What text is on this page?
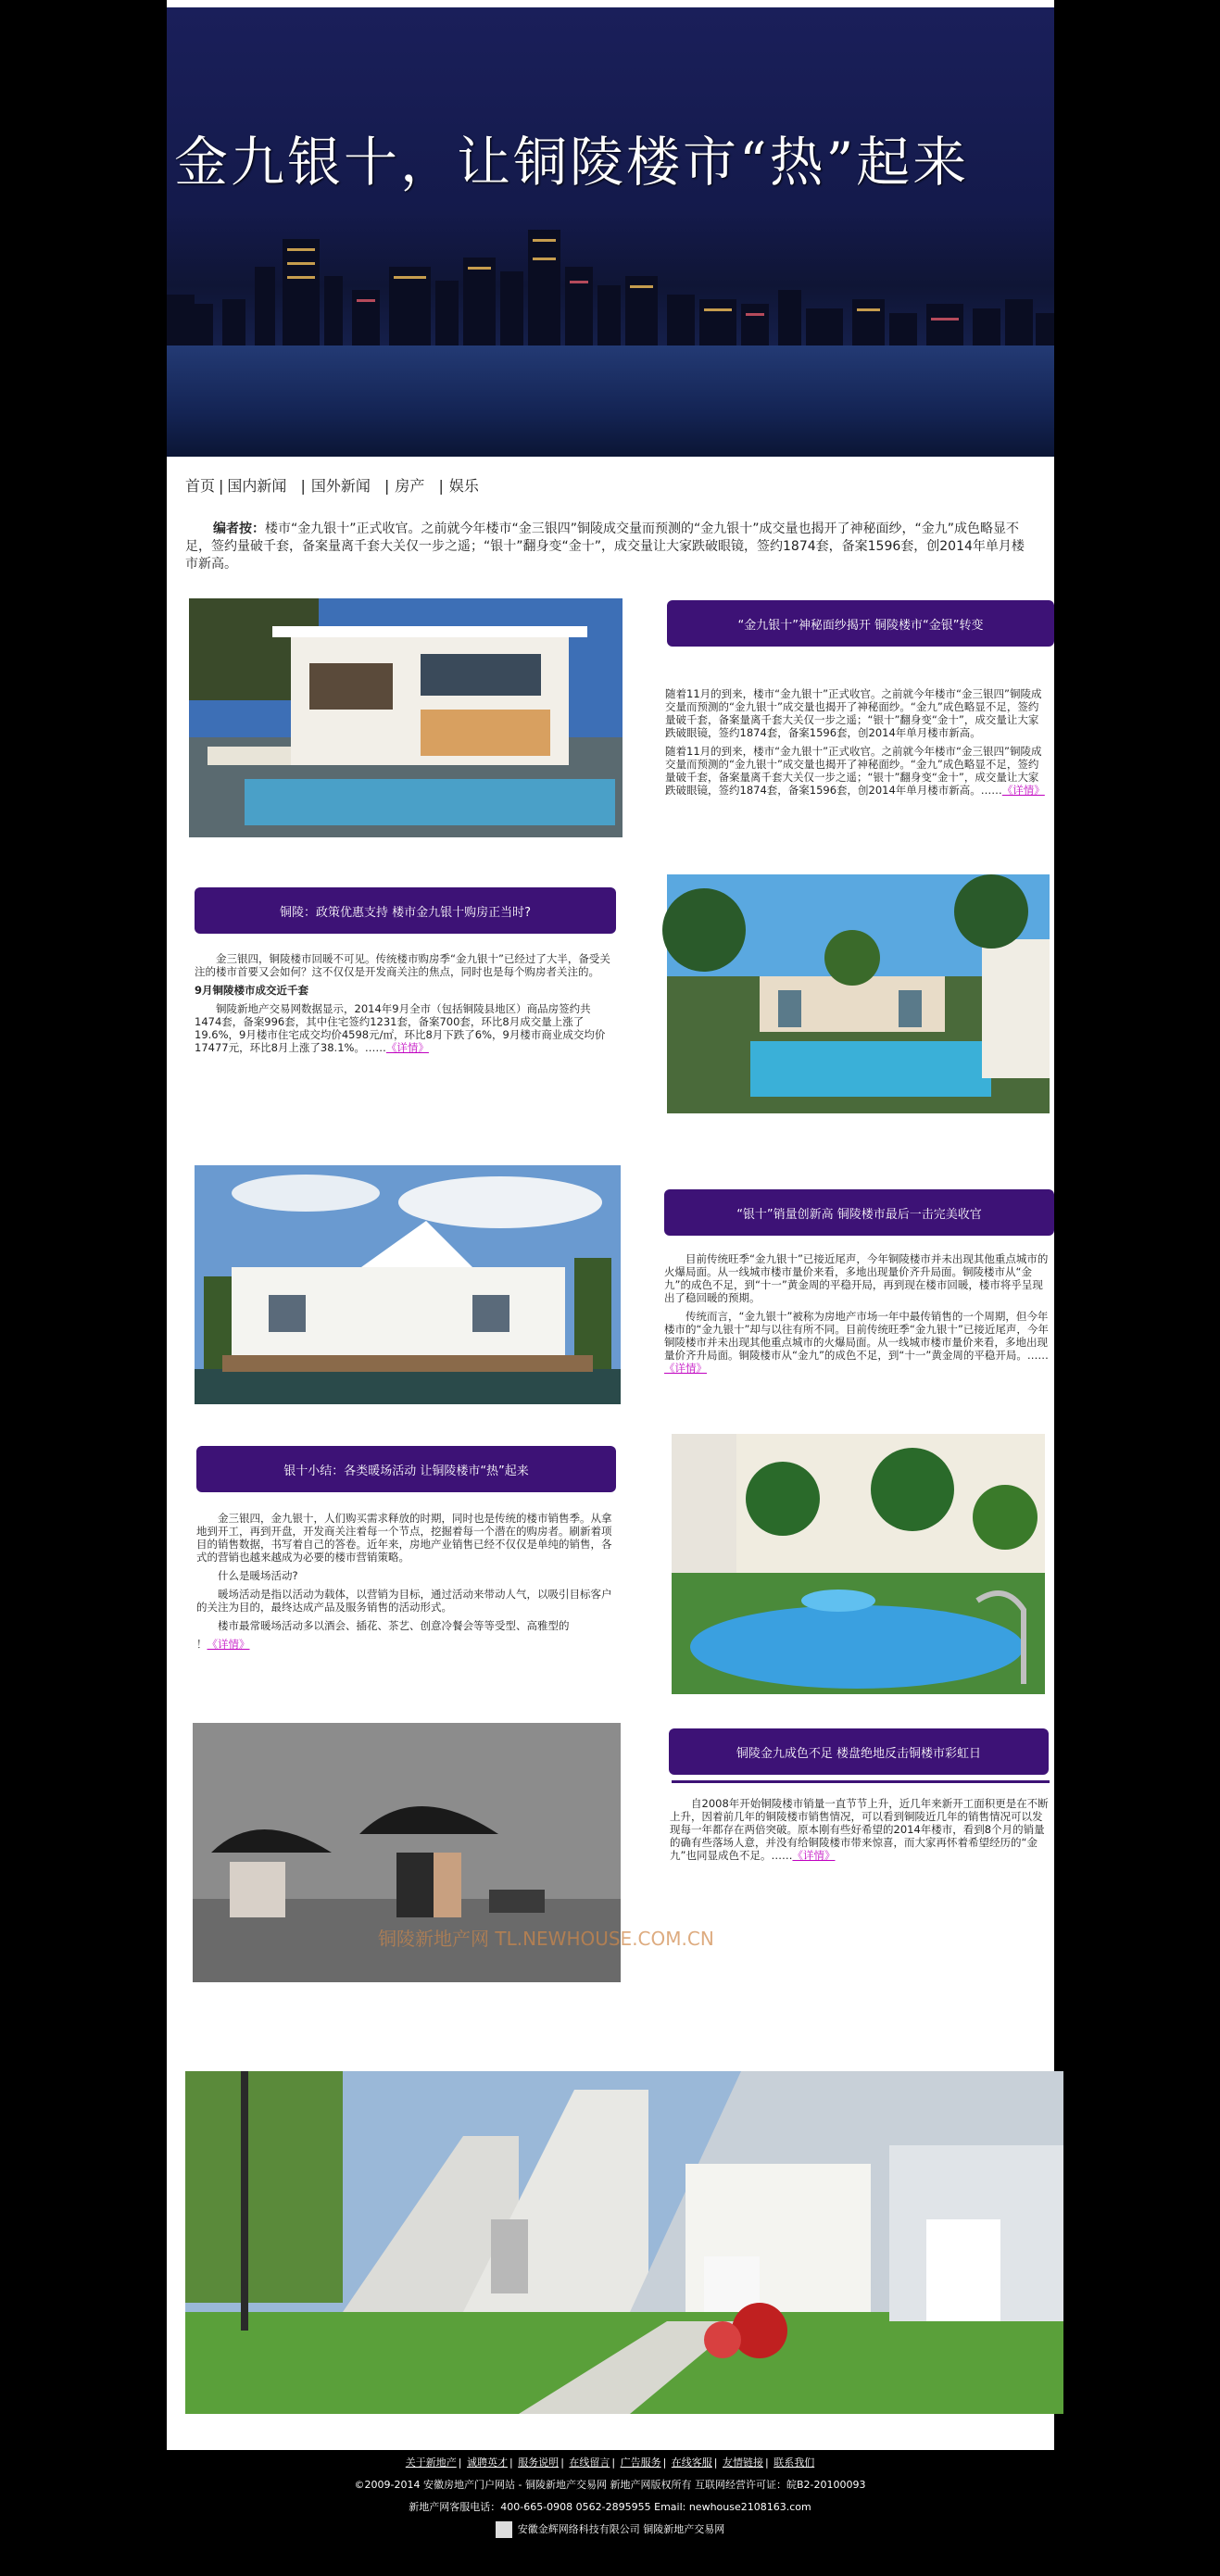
金九银十，让铜陵楼市“热”起来
首页 | 国内新闻 | 国外新闻 | 房产 | 娱乐
编者按：楼市“金九银十”正式收官。之前就今年楼市“金三银四”铜陵成交量而预测的“金九银十”成交量也揭开了神秘面纱，“金九”成色略显不足，签约量破千套，备案量离千套大关仅一步之遥；“银十”翻身变“金十”，成交量让大家跌破眼镜，签约1874套，备案1596套，创2014年单月楼市新高。
“金九银十”神秘面纱揭开 铜陵楼市“金银”转变

随着11月的到来，楼市“金九银十”正式收官。之前就今年楼市“金三银四”铜陵成交量而预测的“金九银十”成交量也揭开了神秘面纱。“金九”成色略显不足，签约量破千套，备案量离千套大关仅一步之遥；“银十”翻身变“金十”，成交量让大家跌破眼镜，签约1874套，备案1596套，创2014年单月楼市新高。

随着11月的到来，楼市“金九银十”正式收官。之前就今年楼市“金三银四”铜陵成交量而预测的“金九银十”成交量也揭开了神秘面纱。“金九”成色略显不足，签约量破千套，备案量离千套大关仅一步之遥；“银十”翻身变“金十”，成交量让大家跌破眼镜，签约1874套，备案1596套，创2014年单月楼市新高。……《详情》

铜陵：政策优惠支持 楼市金九银十购房正当时?

金三银四，铜陵楼市回暖不可见。传统楼市购房季“金九银十”已经过了大半，备受关注的楼市首要又会如何？这不仅仅是开发商关注的焦点，同时也是每个购房者关注的。

9月铜陵楼市成交近千套

铜陵新地产交易网数据显示，2014年9月全市（包括铜陵县地区）商品房签约共1474套，备案996套，其中住宅签约1231套，备案700套，环比8月成交量上涨了19.6%，9月楼市住宅成交均价4598元/㎡，环比8月下跌了6%，9月楼市商业成交均价17477元，环比8月上涨了38.1%。……《详情》

“银十”销量创新高 铜陵楼市最后一击完美收官

目前传统旺季“金九银十”已接近尾声，今年铜陵楼市并未出现其他重点城市的火爆局面。从一线城市楼市量价来看，多地出现量价齐升局面。铜陵楼市从“金九”的成色不足，到“十一”黄金周的平稳开局，再到现在楼市回暖，楼市将乎呈现出了稳回暖的预期。

传统而言，“金九银十”被称为房地产市场一年中最传销售的一个周期，但今年楼市的“金九银十”却与以往有所不同。目前传统旺季“金九银十”已接近尾声，今年铜陵楼市并未出现其他重点城市的火爆局面。从一线城市楼市量价来看，多地出现量价齐升局面。铜陵楼市从“金九”的成色不足，到“十一”黄金周的平稳开局。……《详情》

银十小结：各类暖场活动 让铜陵楼市“热”起来

金三银四，金九银十，人们购买需求释放的时期，同时也是传统的楼市销售季。从拿地到开工，再到开盘，开发商关注着每一个节点，挖掘着每一个潜在的购房者。刷新着项目的销售数据，书写着自己的答卷。近年来，房地产业销售已经不仅仅是单纯的销售，各式的营销也越来越成为必要的楼市营销策略。

什么是暖场活动?

暖场活动是指以活动为载体，以营销为目标，通过活动来带动人气，以吸引目标客户的关注为目的，最终达成产品及服务销售的活动形式。

楼市最常暖场活动多以酒会、插花、茶艺、创意冷餐会等等受型、高雅型的

！《详情》

铜陵新地产网 TL.NEWHOUSE.COM.CN
铜陵金九成色不足 楼盘绝地反击铜楼市彩虹日

自2008年开始铜陵楼市销量一直节节上升，近几年来新开工面积更是在不断上升，因着前几年的铜陵楼市销售情况，可以看到铜陵近几年的销售情况可以发现每一年都存在两倍突破。原本刚有些好希望的2014年楼市，看到8个月的销量的确有些落场人意，并没有给铜陵楼市带来惊喜，而大家再怀着希望经历的“金九”也同显成色不足。……《详情》

关于新地产 | 诚聘英才 | 服务说明 | 在线留言 | 广告服务 | 在线客服 | 友情链接 | 联系我们
©2009-2014 安徽房地产门户网站 - 铜陵新地产交易网 新地产网版权所有 互联网经营许可证：皖B2-20100093
新地产网客服电话：400-665-0908 0562-2895955 Email: newhouse2108163.com
安徽金辉网络科技有限公司 铜陵新地产交易网
